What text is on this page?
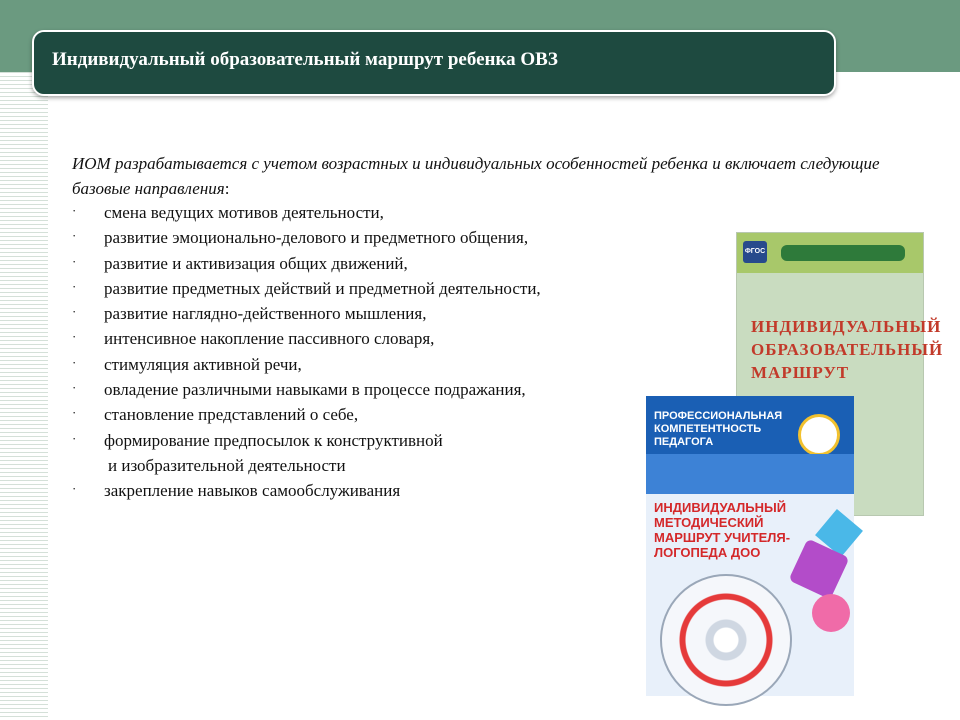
Индивидуальный образовательный маршрут ребенка ОВЗ

ИОМ разрабатывается с учетом возрастных и индивидуальных особенностей ребенка и включает следующие базовые направления:

· смена ведущих мотивов деятельности,
· развитие эмоционально-делового и предметного общения,
· развитие и активизация общих движений,
· развитие предметных действий и предметной деятельности,
· развитие наглядно-действенного мышления,
· интенсивное накопление пассивного словаря,
· стимуляция активной речи,
· овладение различными навыками в процессе подражания,
· становление представлений о себе,
· формирование предпосылок к конструктивной
и изобразительной деятельности
· закрепление навыков самообслуживания
ФГОС
ИНДИВИДУАЛЬНЫЙ ОБРАЗОВАТЕЛЬНЫЙ МАРШРУТ
ПРОФЕССИОНАЛЬНАЯ КОМПЕТЕНТНОСТЬ ПЕДАГОГА
ИНДИВИДУАЛЬНЫЙ МЕТОДИЧЕСКИЙ МАРШРУТ УЧИТЕЛЯ-ЛОГОПЕДА ДОО
